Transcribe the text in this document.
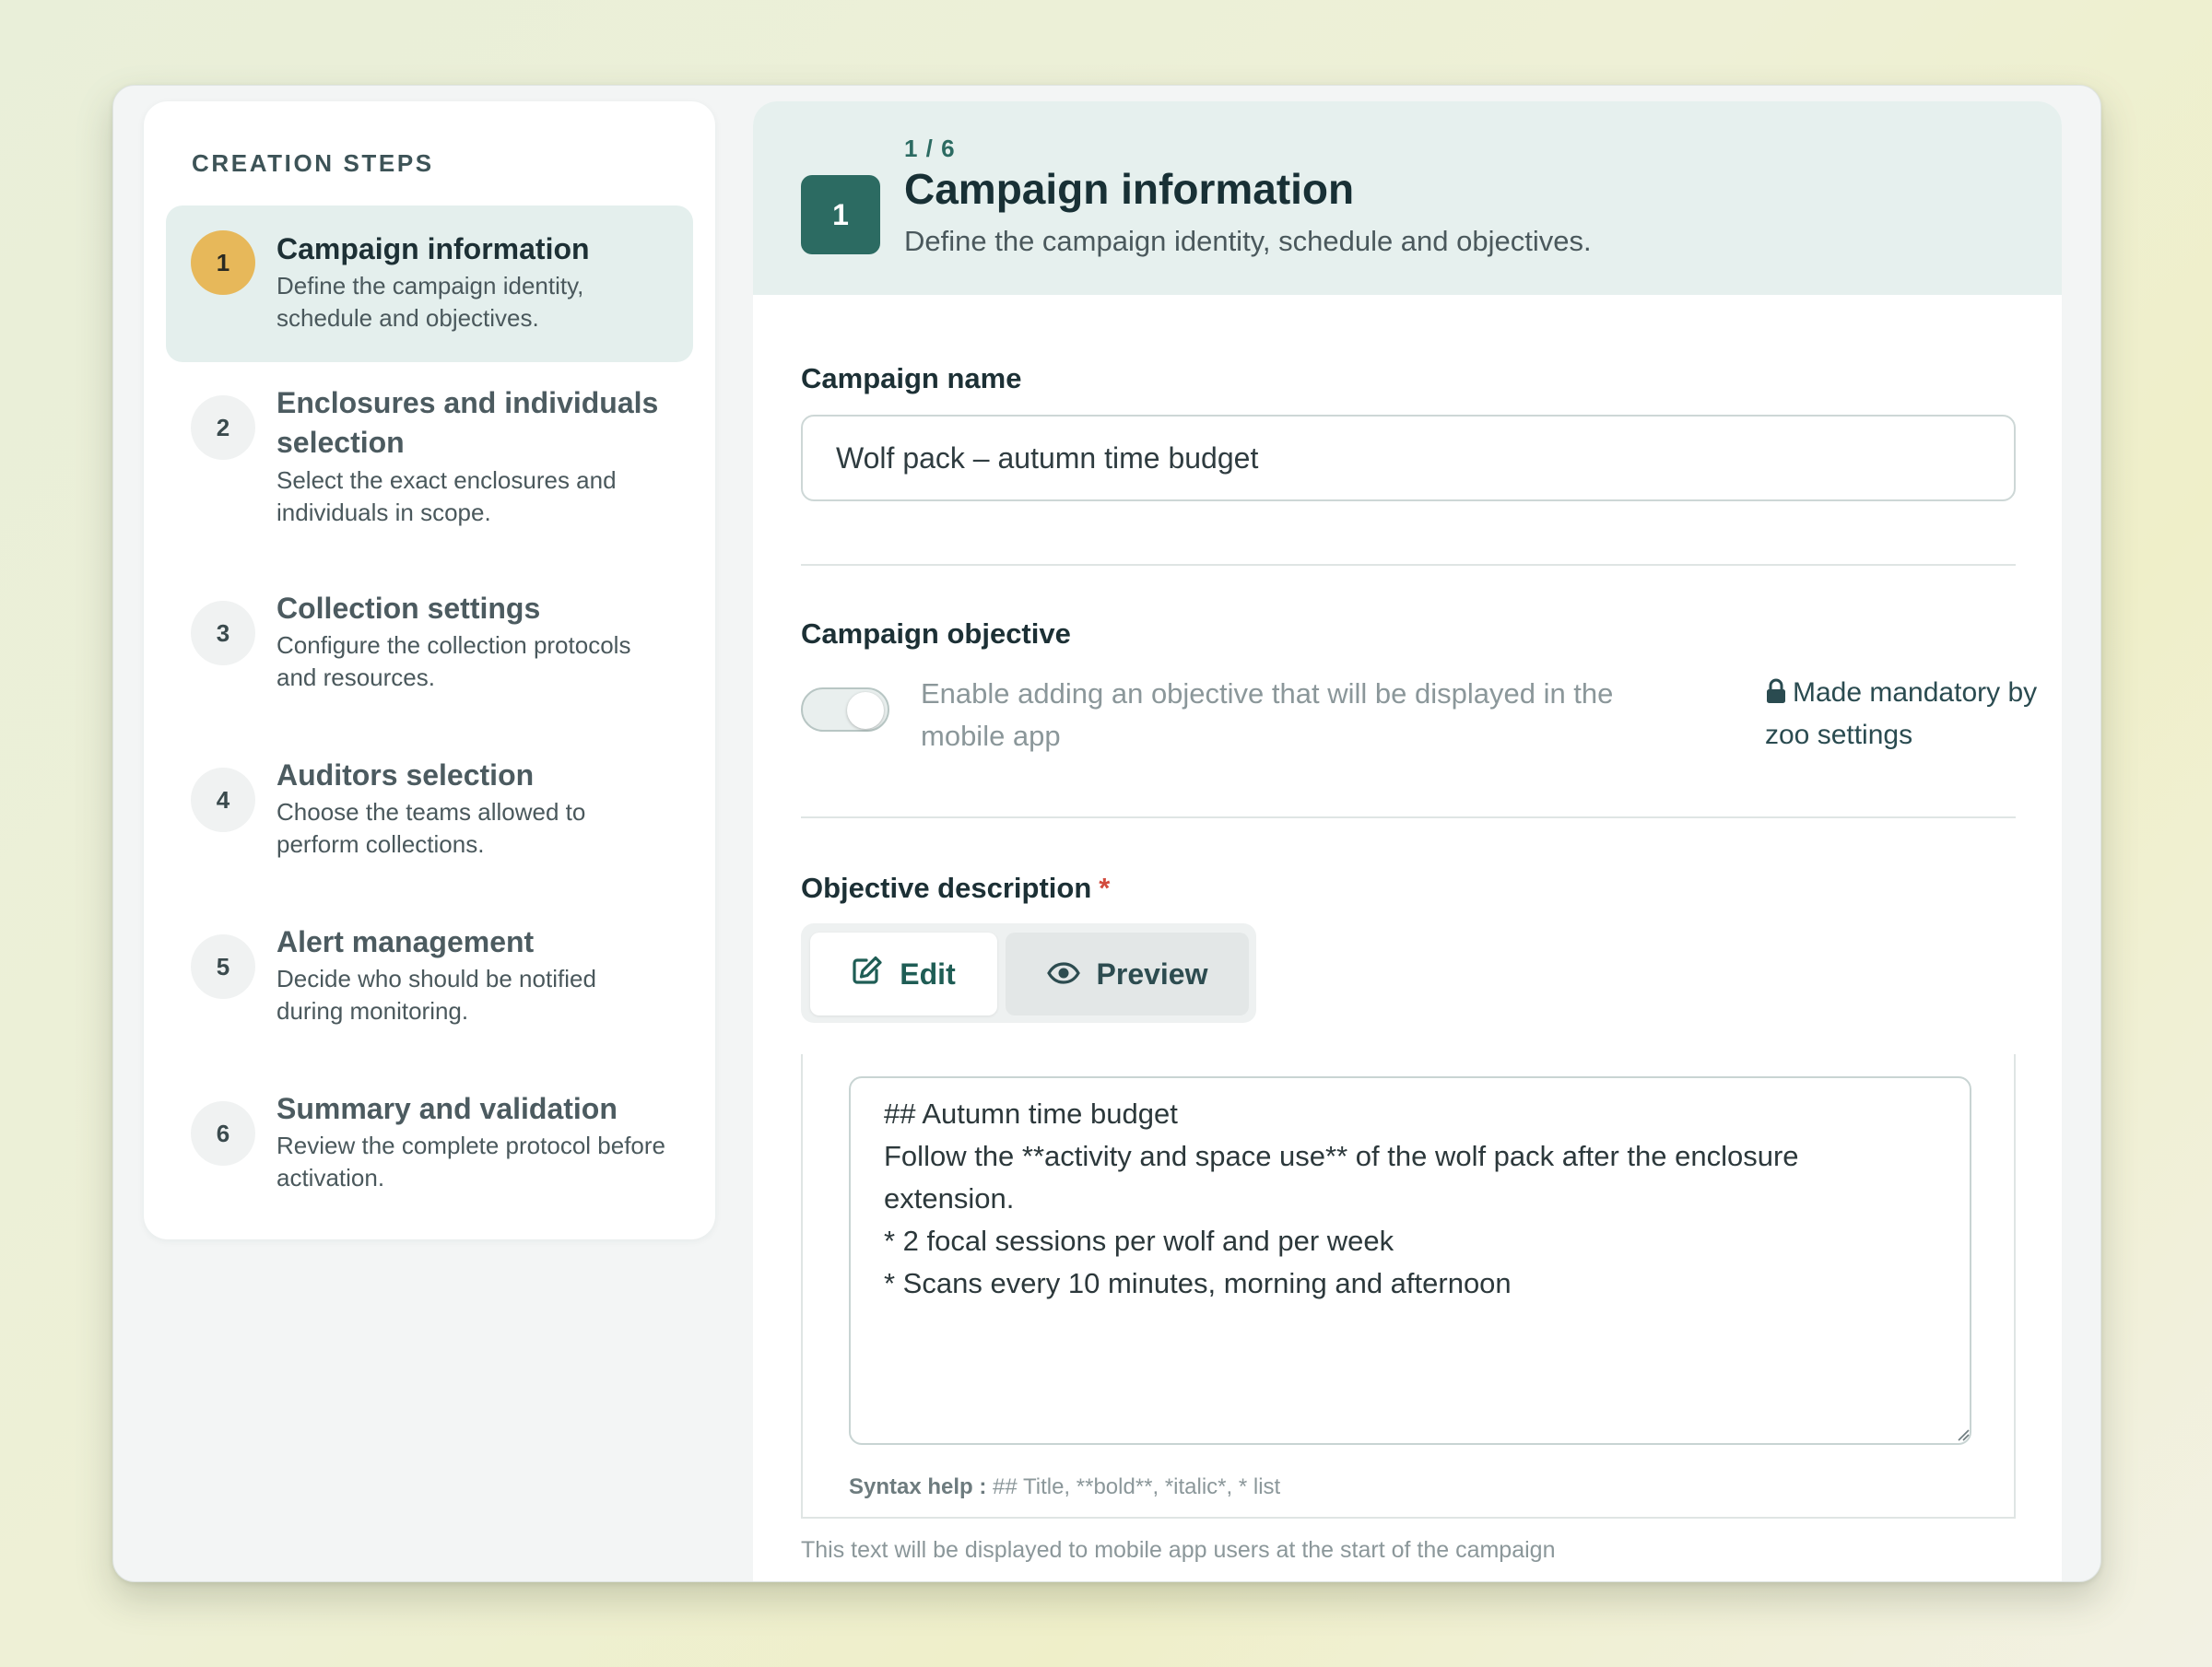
CREATION STEPS
1	Campaign information
Define the campaign identity, schedule and objectives.
2
Enclosures and individuals selection
Select the exact enclosures and individuals in scope.
3
Collection settings
Configure the collection protocols and resources.
4
Auditors selection
Choose the teams allowed to perform collections.
5
Alert management
Decide who should be notified during monitoring.
6
Summary and validation
Review the complete protocol before activation.
1
1 / 6
Campaign information
Define the campaign identity, schedule and objectives.
Campaign name
Wolf pack – autumn time budget
Campaign objective
Enable adding an objective that will be displayed in the mobile app
Made mandatory by zoo settings
Objective description *
Edit	Preview
## Autumn time budget Follow the **activity and space use** of the wolf pack after the enclosure extension. * 2 focal sessions per wolf and per week * Scans every 10 minutes, morning and afternoon
Syntax help : ## Title, **bold**, *italic*, * list
This text will be displayed to mobile app users at the start of the campaign
